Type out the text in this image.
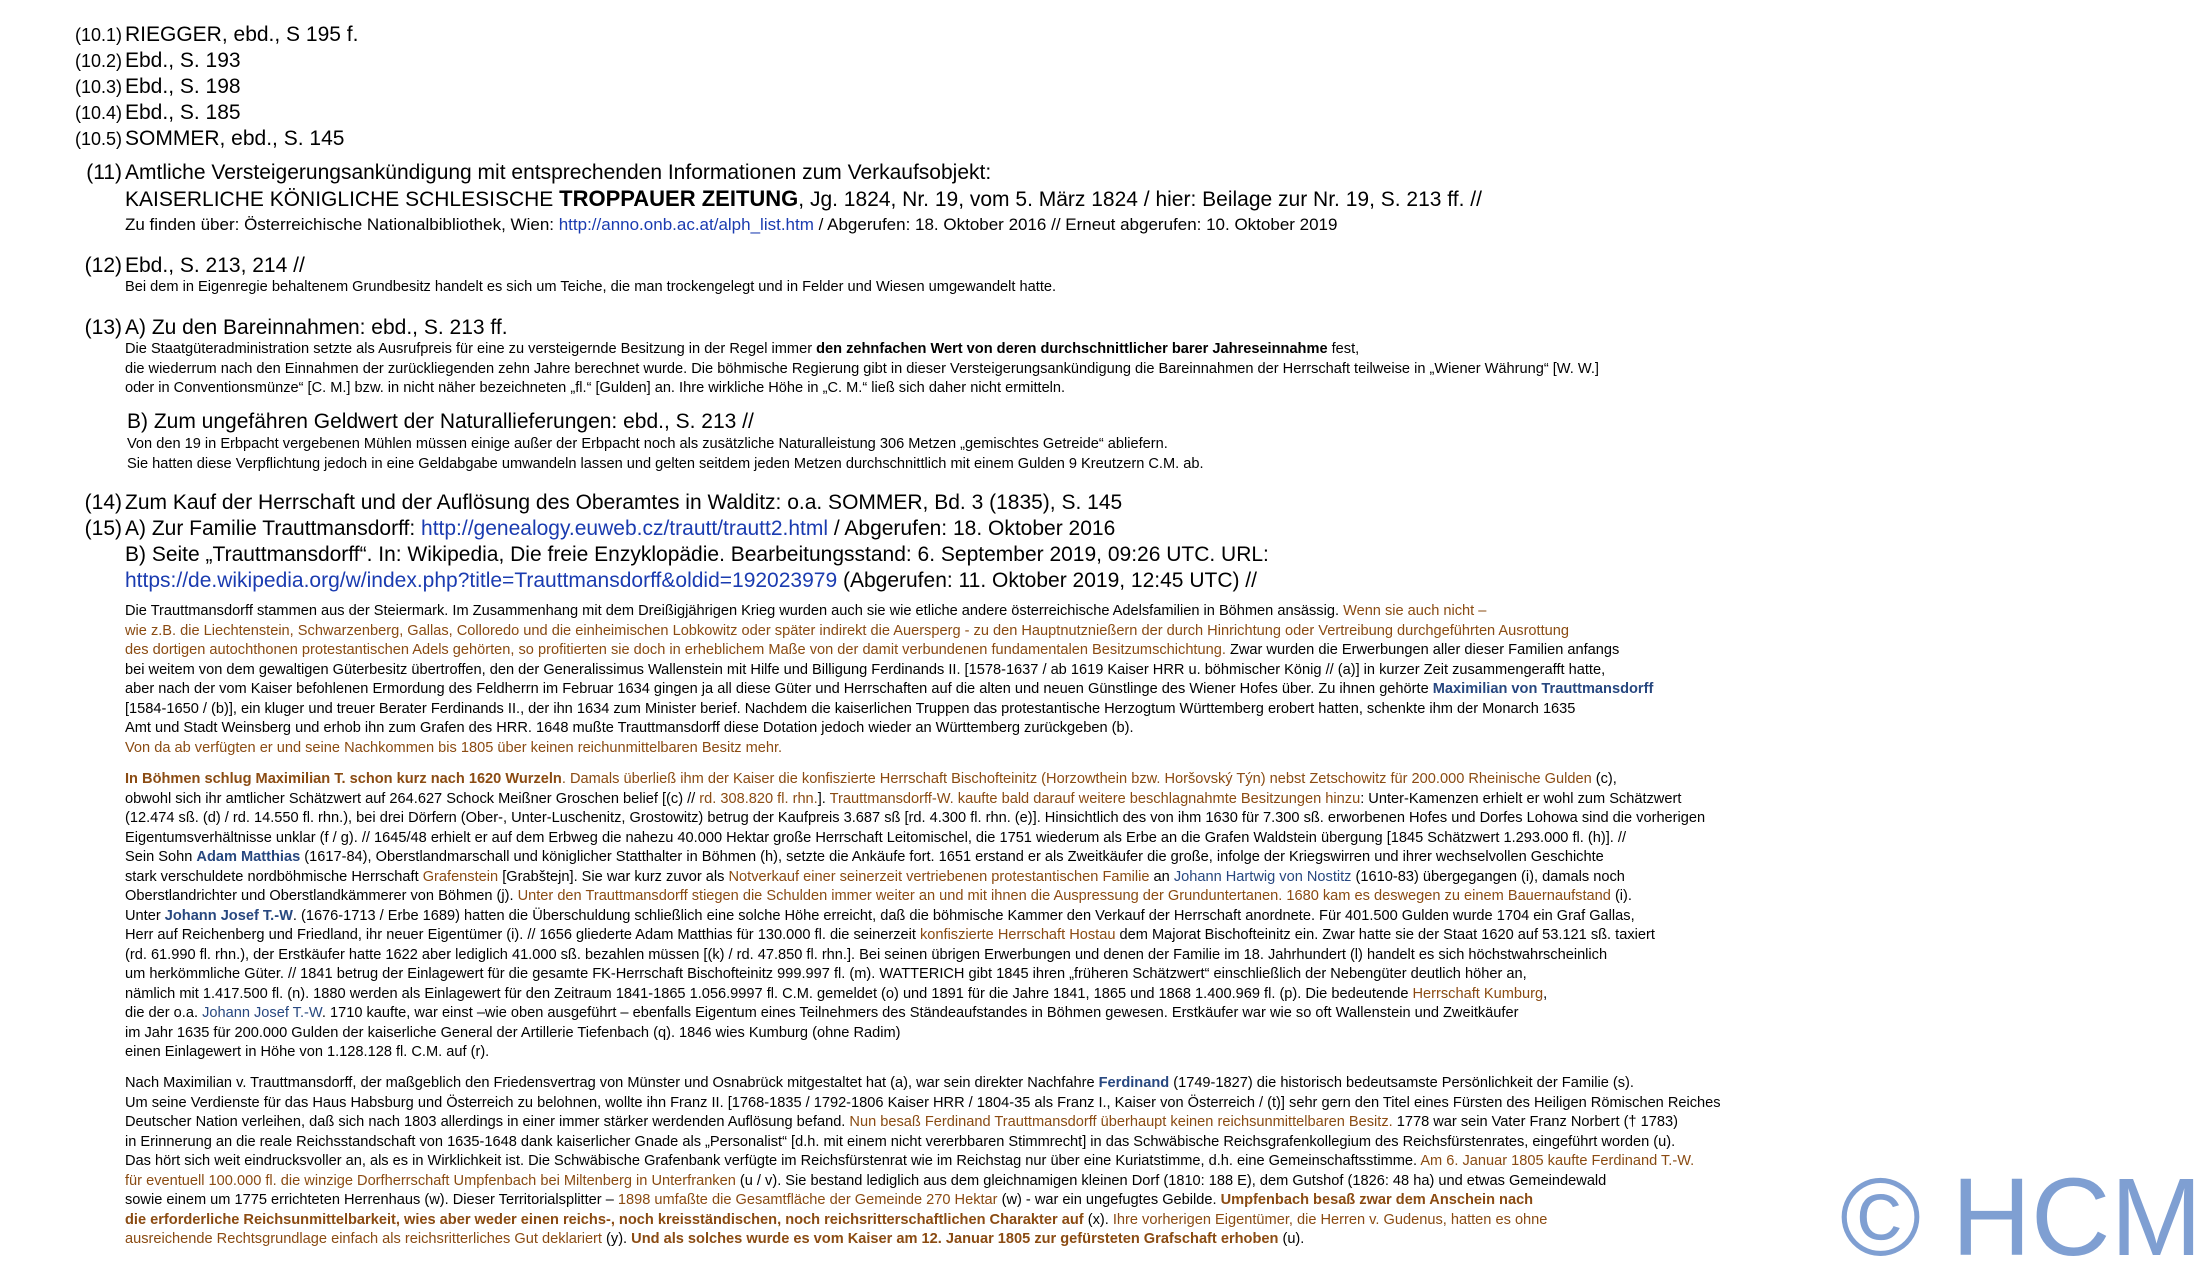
(10.1) RIEGGER, ebd., S 195 f.
(10.2) Ebd., S. 193
(10.3) Ebd., S. 198
(10.4) Ebd., S. 185
(10.5) SOMMER, ebd., S. 145
(11) Amtliche Versteigerungsankündigung mit entsprechenden Informationen zum Verkaufsobjekt:
KAISERLICHE KÖNIGLICHE SCHLESISCHE TROPPAUER ZEITUNG, Jg. 1824, Nr. 19, vom 5. März 1824 / hier: Beilage zur Nr. 19, S. 213 ff. //
Zu finden über: Österreichische Nationalbibliothek, Wien: http://anno.onb.ac.at/alph_list.htm / Abgerufen: 18. Oktober 2016 // Erneut abgerufen: 10. Oktober 2019
(12) Ebd., S. 213, 214 //
Bei dem in Eigenregie behaltenem Grundbesitz handelt es sich um Teiche, die man trockengelegt und in Felder und Wiesen umgewandelt hatte.
(13) A) Zu den Bareinnahmen: ebd., S. 213 ff.
Die Staatgüteradministration setzte als Ausrufpreis für eine zu versteigernde Besitzung in der Regel immer den zehnfachen Wert von deren durchschnittlicher barer Jahreseinnahme fest,
die wiederrum nach den Einnahmen der zurückliegenden zehn Jahre berechnet wurde. Die böhmische Regierung gibt in dieser Versteigerungsankündigung die Bareinnahmen der Herrschaft teilweise in „Wiener Währung“ [W. W.]
oder in Conventionsmünze“ [C. M.] bzw. in nicht näher bezeichneten „fl.“ [Gulden] an. Ihre wirkliche Höhe in „C. M.“ ließ sich daher nicht ermitteln.
B) Zum ungefähren Geldwert der Naturallieferungen: ebd., S. 213 //
Von den 19 in Erbpacht vergebenen Mühlen müssen einige außer der Erbpacht noch als zusätzliche Naturalleistung 306 Metzen „gemischtes Getreide“ abliefern.
Sie hatten diese Verpflichtung jedoch in eine Geldabgabe umwandeln lassen und gelten seitdem jeden Metzen durchschnittlich mit einem Gulden 9 Kreutzern C.M. ab.
(14) Zum Kauf der Herrschaft und der Auflösung des Oberamtes in Walditz: o.a. SOMMER, Bd. 3 (1835), S. 145
(15) A) Zur Familie Trauttmansdorff: http://genealogy.euweb.cz/trautt/trautt2.html / Abgerufen: 18. Oktober 2016
B) Seite „Trauttmansdorff“. In: Wikipedia, Die freie Enzyklopädie. Bearbeitungsstand: 6. September 2019, 09:26 UTC. URL:
https://de.wikipedia.org/w/index.php?title=Trauttmansdorff&oldid=192023979 (Abgerufen: 11. Oktober 2019, 12:45 UTC) //
Die Trauttmansdorff stammen aus der Steiermark. Im Zusammenhang mit dem Dreißigjährigen Krieg wurden auch sie wie etliche andere österreichische Adelsfamilien in Böhmen ansässig. Wenn sie auch nicht –
wie z.B. die Liechtenstein, Schwarzenberg, Gallas, Colloredo und die einheimischen Lobkowitz oder später indirekt die Auersperg - zu den Hauptnutznießern der durch Hinrichtung oder Vertreibung durchgeführten Ausrottung
des dortigen autochthonen protestantischen Adels gehörten, so profitierten sie doch in erheblichem Maße von der damit verbundenen fundamentalen Besitzumschichtung. Zwar wurden die Erwerbungen aller dieser Familien anfangs
bei weitem von dem gewaltigen Güterbesitz übertroffen, den der Generalissimus Wallenstein mit Hilfe und Billigung Ferdinands II. [1578-1637 / ab 1619 Kaiser HRR u. böhmischer König // (a)] in kurzer Zeit zusammengerafft hatte,
aber nach der vom Kaiser befohlenen Ermordung des Feldherrn im Februar 1634 gingen ja all diese Güter und Herrschaften auf die alten und neuen Günstlinge des Wiener Hofes über. Zu ihnen gehörte Maximilian von Trauttmansdorff
[1584-1650 / (b)], ein kluger und treuer Berater Ferdinands II., der ihn 1634 zum Minister berief. Nachdem die kaiserlichen Truppen das protestantische Herzogtum Württemberg erobert hatten, schenkte ihm der Monarch 1635
Amt und Stadt Weinsberg und erhob ihn zum Grafen des HRR. 1648 mußte Trauttmansdorff diese Dotation jedoch wieder an Württemberg zurückgeben (b).
Von da ab verfügten er und seine Nachkommen bis 1805 über keinen reichunmittelbaren Besitz mehr.
In Böhmen schlug Maximilian T. schon kurz nach 1620 Wurzeln. Damals überließ ihm der Kaiser die konfiszierte Herrschaft Bischofteinitz (Horzowthein bzw. Horšovský Týn) nebst Zetschowitz für 200.000 Rheinische Gulden (c),
obwohl sich ihr amtlicher Schätzwert auf 264.627 Schock Meißner Groschen belief [(c) // rd. 308.820 fl. rhn.]. Trauttmansdorff-W. kaufte bald darauf weitere beschlagnahmte Besitzungen hinzu: Unter-Kamenzen erhielt er wohl zum Schätzwert
(12.474 sß. (d) / rd. 14.550 fl. rhn.), bei drei Dörfern (Ober-, Unter-Luschenitz, Grostowitz) betrug der Kaufpreis 3.687 sß [rd. 4.300 fl. rhn. (e)]. Hinsichtlich des von ihm 1630 für 7.300 sß. erworbenen Hofes und Dorfes Lohowa sind die vorherigen
Eigentumsverhältnisse unklar (f / g). // 1645/48 erhielt er auf dem Erbweg die nahezu 40.000 Hektar große Herrschaft Leitomischel, die 1751 wiederum als Erbe an die Grafen Waldstein übergung [1845 Schätzwert 1.293.000 fl. (h)]. //
Sein Sohn Adam Matthias (1617-84), Oberstlandmarschall und königlicher Statthalter in Böhmen (h), setzte die Ankäufe fort. 1651 erstand er als Zweitkäufer die große, infolge der Kriegswirren und ihrer wechselvollen Geschichte
stark verschuldete nordböhmische Herrschaft Grafenstein [Grabštejn]. Sie war kurz zuvor als Notverkauf einer seinerzeit vertriebenen protestantischen Familie an Johann Hartwig von Nostitz (1610-83) übergegangen (i), damals noch
Oberstlandrichter und Oberstlandkämmerer von Böhmen (j). Unter den Trauttmansdorff stiegen die Schulden immer weiter an und mit ihnen die Auspressung der Grunduntertanen. 1680 kam es deswegen zu einem Bauernaufstand (i).
Unter Johann Josef T.-W. (1676-1713 / Erbe 1689) hatten die Überschuldung schließlich eine solche Höhe erreicht, daß die böhmische Kammer den Verkauf der Herrschaft anordnete. Für 401.500 Gulden wurde 1704 ein Graf Gallas,
Herr auf Reichenberg und Friedland, ihr neuer Eigentümer (i). // 1656 gliederte Adam Matthias für 130.000 fl. die seinerzeit konfiszierte Herrschaft Hostau dem Majorat Bischofteinitz ein. Zwar hatte sie der Staat 1620 auf 53.121 sß. taxiert
(rd. 61.990 fl. rhn.), der Erstkäufer hatte 1622 aber lediglich 41.000 sß. bezahlen müssen [(k) / rd. 47.850 fl. rhn.]. Bei seinen übrigen Erwerbungen und denen der Familie im 18. Jahrhundert (l) handelt es sich höchstwahrscheinlich
um herkömmliche Güter. // 1841 betrug der Einlagewert für die gesamte FK-Herrschaft Bischofteinitz 999.997 fl. (m). WATTERICH gibt 1845 ihren „früheren Schätzwert“ einschließlich der Nebengüter deutlich höher an,
nämlich mit 1.417.500 fl. (n). 1880 werden als Einlagewert für den Zeitraum 1841-1865 1.056.9997 fl. C.M. gemeldet (o) und 1891 für die Jahre 1841, 1865 und 1868 1.400.969 fl. (p). Die bedeutende Herrschaft Kumburg,
die der o.a. Johann Josef T.-W. 1710 kaufte, war einst –wie oben ausgeführt – ebenfalls Eigentum eines Teilnehmers des Ständeaufstandes in Böhmen gewesen. Erstkäufer war wie so oft Wallenstein und Zweitkäufer
im Jahr 1635 für 200.000 Gulden der kaiserliche General der Artillerie Tiefenbach (q). 1846 wies Kumburg (ohne Radim)
einen Einlagewert in Höhe von 1.128.128 fl. C.M. auf (r).
Nach Maximilian v. Trauttmansdorff, der maßgeblich den Friedensvertrag von Münster und Osnabrück mitgestaltet hat (a), war sein direkter Nachfahre Ferdinand (1749-1827) die historisch bedeutsamste Persönlichkeit der Familie (s).
Um seine Verdienste für das Haus Habsburg und Österreich zu belohnen, wollte ihn Franz II. [1768-1835 / 1792-1806 Kaiser HRR / 1804-35 als Franz I., Kaiser von Österreich / (t)] sehr gern den Titel eines Fürsten des Heiligen Römischen Reiches
Deutscher Nation verleihen, daß sich nach 1803 allerdings in einer immer stärker werdenden Auflösung befand. Nun besaß Ferdinand Trauttmansdorff überhaupt keinen reichsunmittelbaren Besitz. 1778 war sein Vater Franz Norbert († 1783)
in Erinnerung an die reale Reichsstandschaft von 1635-1648 dank kaiserlicher Gnade als „Personalist“ [d.h. mit einem nicht vererbbaren Stimmrecht] in das Schwäbische Reichsgrafenkollegium des Reichsfürstenrates, eingeführt worden (u).
Das hört sich weit eindrucksvoller an, als es in Wirklichkeit ist. Die Schwäbische Grafenbank verfügte im Reichsfürstenrat wie im Reichstag nur über eine Kuriatstimme, d.h. eine Gemeinschaftsstimme. Am 6. Januar 1805 kaufte Ferdinand T.-W.
für eventuell 100.000 fl. die winzige Dorfherrschaft Umpfenbach bei Miltenberg in Unterfranken (u / v). Sie bestand lediglich aus dem gleichnamigen kleinen Dorf (1810: 188 E), dem Gutshof (1826: 48 ha) und etwas Gemeindewald
sowie einem um 1775 errichteten Herrenhaus (w). Dieser Territorialsplitter – 1898 umfaßte die Gesamtfläche der Gemeinde 270 Hektar (w) - war ein ungefugtes Gebilde. Umpfenbach besaß zwar dem Anschein nach
die erforderliche Reichsunmittelbarkeit, wies aber weder einen reichs-, noch kreisständischen, noch reichsritterschaftlichen Charakter auf (x). Ihre vorherigen Eigentümer, die Herren v. Gudenus, hatten es ohne
ausreichende Rechtsgrundlage einfach als reichsritterliches Gut deklariert (y). Und als solches wurde es vom Kaiser am 12. Januar 1805 zur gefürsteten Grafschaft erhoben (u).	© HCM
